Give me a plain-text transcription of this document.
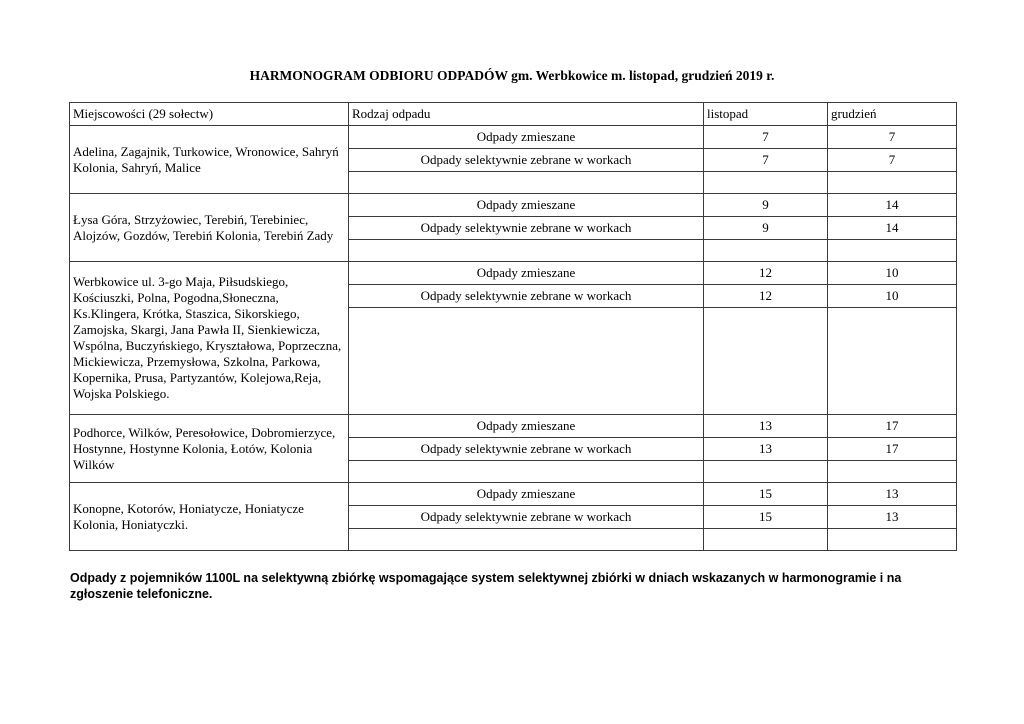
HARMONOGRAM ODBIORU ODPADÓW gm. Werbkowice m. listopad, grudzień 2019 r.
Miejscowości (29 sołectw)	Rodzaj odpadu	listopad	grudzień
Adelina, Zagajnik, Turkowice, Wronowice, Sahryń Kolonia, Sahryń, Malice	Odpady zmieszane	7	7
	Odpady selektywnie zebrane w workach	7	7

Łysa Góra, Strzyżowiec, Terebiń, Terebiniec, Alojzów, Gozdów, Terebiń Kolonia, Terebiń Zady	Odpady zmieszane	9	14
	Odpady selektywnie zebrane w workach	9	14

Werbkowice ul. 3-go Maja, Piłsudskiego, Kościuszki, Polna, Pogodna,Słoneczna, Ks.Klingera, Krótka, Staszica, Sikorskiego, Zamojska, Skargi, Jana Pawła II, Sienkiewicza, Wspólna, Buczyńskiego, Kryształowa, Poprzeczna, Mickiewicza, Przemysłowa, Szkolna, Parkowa, Kopernika, Prusa, Partyzantów, Kolejowa,Reja, Wojska Polskiego.	Odpady zmieszane	12	10
	Odpady selektywnie zebrane w workach	12	10

Podhorce, Wilków, Peresołowice, Dobromierzyce, Hostynne, Hostynne Kolonia, Łotów, Kolonia Wilków	Odpady zmieszane	13	17
	Odpady selektywnie zebrane w workach	13	17

Konopne, Kotorów, Honiatycze, Honiatycze Kolonia, Honiatyczki.	Odpady zmieszane	15	13
	Odpady selektywnie zebrane w workach	15	13

Odpady z pojemników 1100L na selektywną zbiórkę wspomagające system selektywnej zbiórki w dniach wskazanych w harmonogramie i na zgłoszenie telefoniczne.
